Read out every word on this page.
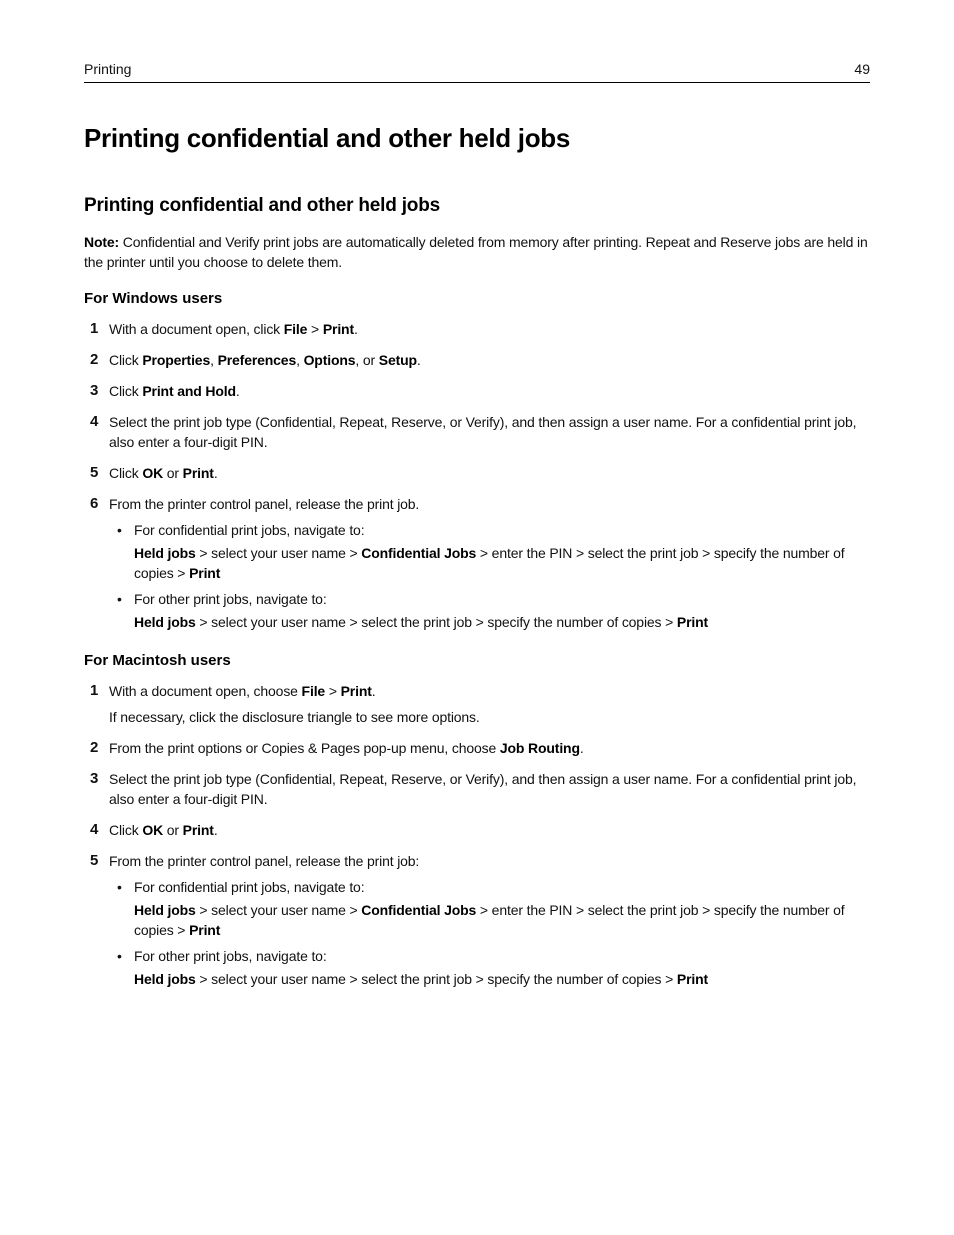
Printing	49
Printing confidential and other held jobs
Printing confidential and other held jobs

Note: Confidential and Verify print jobs are automatically deleted from memory after printing. Repeat and Reserve jobs are held in the printer until you choose to delete them.

For Windows users
1 With a document open, click File > Print.
2 Click Properties, Preferences, Options, or Setup.
3 Click Print and Hold.
4 Select the print job type (Confidential, Repeat, Reserve, or Verify), and then assign a user name. For a confidential print job, also enter a four-digit PIN.
5 Click OK or Print.
6 From the printer control panel, release the print job.
• For confidential print jobs, navigate to:
Held jobs > select your user name > Confidential Jobs > enter the PIN > select the print job > specify the number of copies > Print
• For other print jobs, navigate to:
Held jobs > select your user name > select the print job > specify the number of copies > Print
For Macintosh users
1 With a document open, choose File > Print.
If necessary, click the disclosure triangle to see more options.
2 From the print options or Copies & Pages pop-up menu, choose Job Routing.
3 Select the print job type (Confidential, Repeat, Reserve, or Verify), and then assign a user name. For a confidential print job, also enter a four-digit PIN.
4 Click OK or Print.
5 From the printer control panel, release the print job:
• For confidential print jobs, navigate to:
Held jobs > select your user name > Confidential Jobs > enter the PIN > select the print job > specify the number of copies > Print
• For other print jobs, navigate to:
Held jobs > select your user name > select the print job > specify the number of copies > Print
